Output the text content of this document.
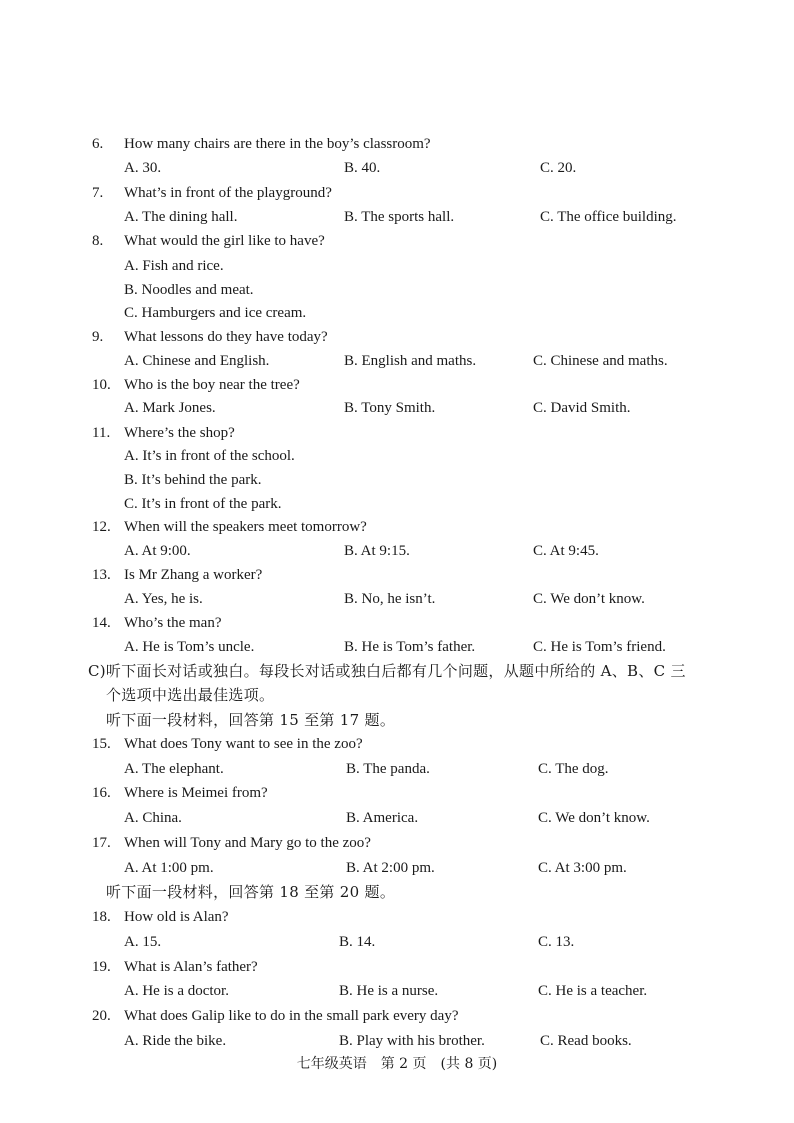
6. How many chairs are there in the boy’s classroom?
A. 30.	B. 40.	C. 20.
7. What’s in front of the playground?
A. The dining hall.	B. The sports hall.	C. The office building.
8. What would the girl like to have?
A. Fish and rice.
B. Noodles and meat.
C. Hamburgers and ice cream.
9. What lessons do they have today?
A. Chinese and English.	B. English and maths.	C. Chinese and maths.
10. Who is the boy near the tree?
A. Mark Jones.	B. Tony Smith.	C. David Smith.
11. Where’s the shop?
A. It’s in front of the school.
B. It’s behind the park.
C. It’s in front of the park.
12. When will the speakers meet tomorrow?
A. At 9:00.	B. At 9:15.	C. At 9:45.
13. Is Mr Zhang a worker?
A. Yes, he is.	B. No, he isn’t.	C. We don’t know.
14. Who’s the man?
A. He is Tom’s uncle.	B. He is Tom’s father.	C. He is Tom’s friend.
C)听下面长对话或独白。每段长对话或独白后都有几个问题，从题中所给的 A、B、C 三
个选项中选出最佳选项。
听下面一段材料，回答第 15 至第 17 题。
15. What does Tony want to see in the zoo?
A. The elephant.	B. The panda.	C. The dog.
16. Where is Meimei from?
A. China.	B. America.	C. We don’t know.
17. When will Tony and Mary go to the zoo?
A. At 1:00 pm.	B. At 2:00 pm.	C. At 3:00 pm.
听下面一段材料，回答第 18 至第 20 题。
18. How old is Alan?
A. 15.	B. 14.	C. 13.
19. What is Alan’s father?
A. He is a doctor.	B. He is a nurse.	C. He is a teacher.
20. What does Galip like to do in the small park every day?
A. Ride the bike.	B. Play with his brother.	C. Read books.
七年级英语　第 2 页　(共 8 页)
